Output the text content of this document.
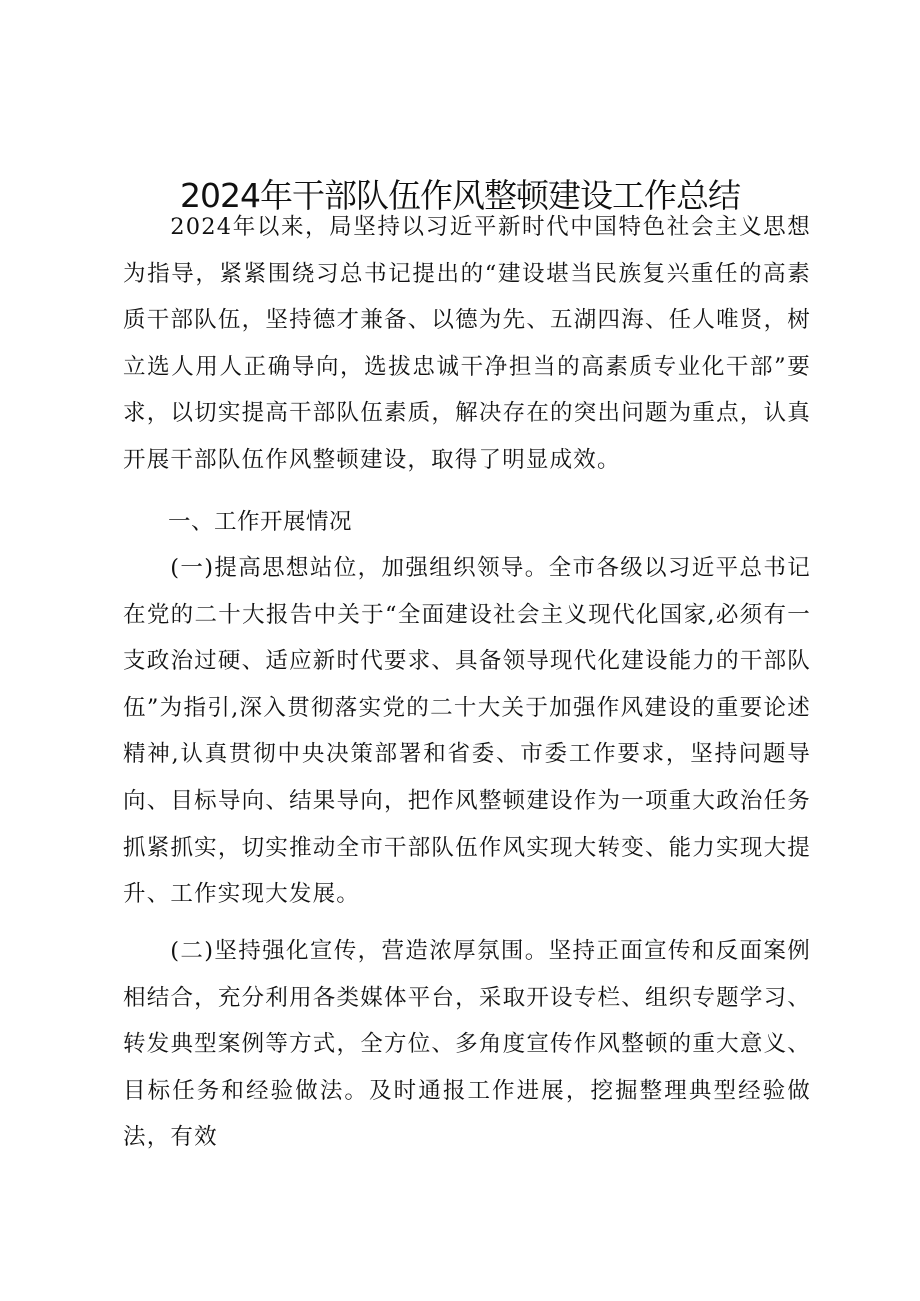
2024年干部队伍作风整顿建设工作总结

2024年以来，局坚持以习近平新时代中国特色社会主义思想为指导，紧紧围绕习总书记提出的“建设堪当民族复兴重任的高素质干部队伍，坚持德才兼备、以德为先、五湖四海、任人唯贤，树立选人用人正确导向，选拔忠诚干净担当的高素质专业化干部”要求，以切实提高干部队伍素质，解决存在的突出问题为重点，认真开展干部队伍作风整顿建设，取得了明显成效。

一、工作开展情况

(一)提高思想站位，加强组织领导。全市各级以习近平总书记在党的二十大报告中关于“全面建设社会主义现代化国家,必须有一支政治过硬、适应新时代要求、具备领导现代化建设能力的干部队伍”为指引,深入贯彻落实党的二十大关于加强作风建设的重要论述精神,认真贯彻中央决策部署和省委、市委工作要求，坚持问题导向、目标导向、结果导向，把作风整顿建设作为一项重大政治任务抓紧抓实，切实推动全市干部队伍作风实现大转变、能力实现大提升、工作实现大发展。

(二)坚持强化宣传，营造浓厚氛围。坚持正面宣传和反面案例相结合，充分利用各类媒体平台，采取开设专栏、组织专题学习、转发典型案例等方式，全方位、多角度宣传作风整顿的重大意义、目标任务和经验做法。及时通报工作进展，挖掘整理典型经验做法，有效
